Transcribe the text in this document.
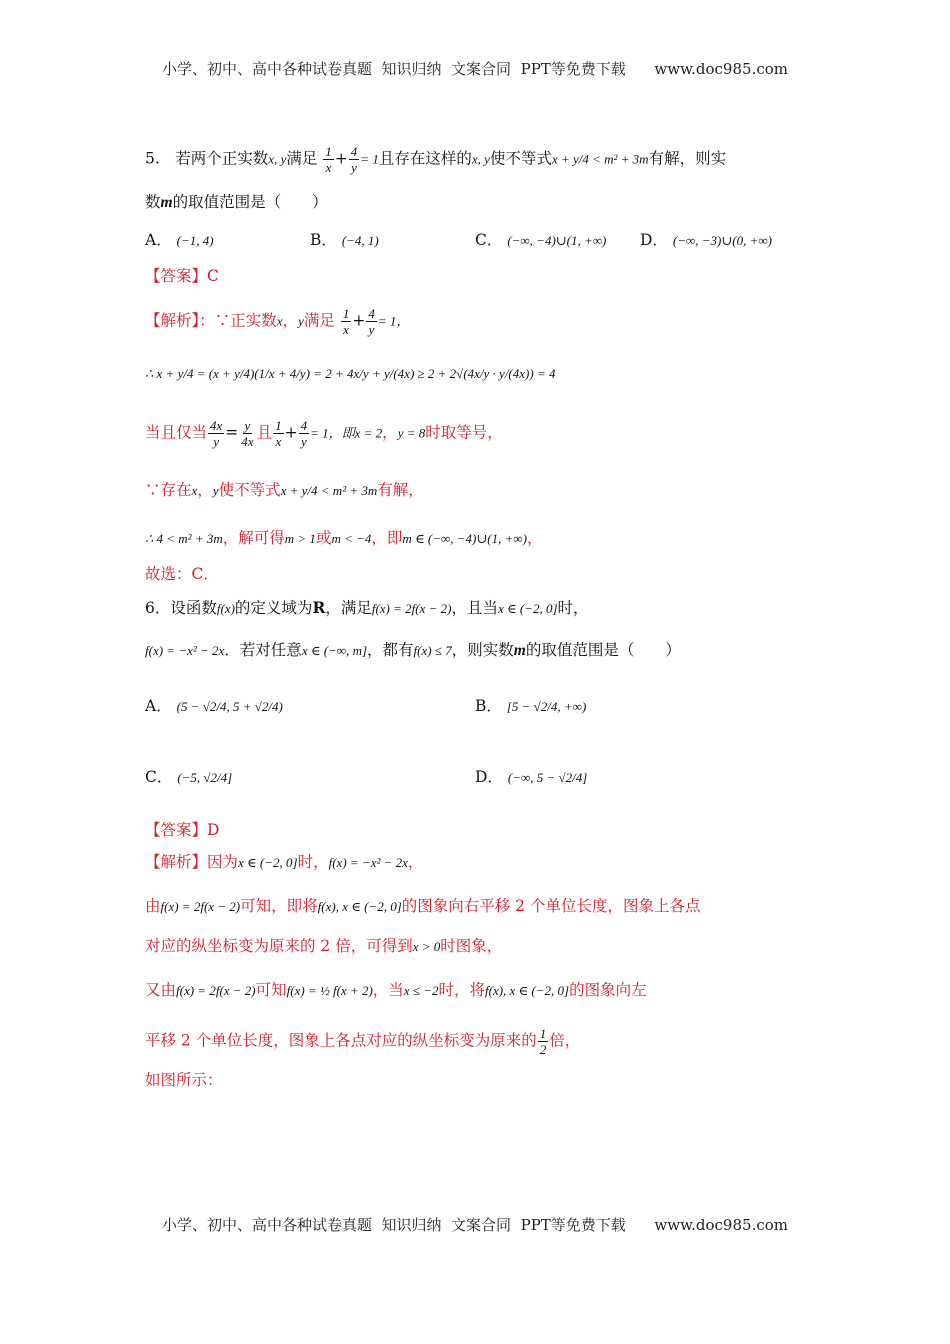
小学、初中、高中各种试卷真题  知识归纳  文案合同  PPT等免费下载      www.doc985.com
5.　若两个正实数x, y满足 $\frac{1}{x} + \frac{4}{y} = 1$且存在这样的x, y使不等式x + y/4 < m² + 3m有解，则实
数m的取值范围是（　　）
A． (−1, 4)	B． (−4, 1)	C． (−∞, −4)∪(1, +∞) D． (−∞, −3)∪(0, +∞)
【答案】C
【解析】：∵正实数x，y满足 $\frac{1}{x} + \frac{4}{y} = 1$，
∴ x + y/4 = (x + y/4)(1/x + 4/y) = 2 + 4x/y + y/(4x) ≥ 2 + 2√(4x/y · y/(4x)) = 4
当且仅当 $\frac{4x}{y} = \frac{y}{4x}$ 且 $\frac{1}{x} + \frac{4}{y} = 1$，即x = 2，y = 8时取等号，
∵存在x，y使不等式x + y/4 < m² + 3m有解，
∴ 4 < m² + 3m，解可得m > 1或m < −4，即m ∈ (−∞, −4)∪(1, +∞)，
故选：C．
6．设函数f(x)的定义域为R，满足f(x) = 2f(x − 2)，且当x ∈ (−2, 0]时，
f(x) = −x² − 2x．若对任意x ∈ (−∞, m]，都有f(x) ≤ 7，则实数m的取值范围是（　　）
A． (5 − √2/4, 5 + √2/4)	B． [5 − √2/4, +∞)
C． (−5, √2/4]	D． (−∞, 5 − √2/4]
【答案】D
【解析】因为x ∈ (−2, 0]时，f(x) = −x² − 2x，
由f(x) = 2f(x − 2)可知，即将f(x), x ∈ (−2, 0]的图象向右平移 2 个单位长度，图象上各点
对应的纵坐标变为原来的 2 倍，可得到x > 0时图象，
又由f(x) = 2f(x − 2)可知f(x) = ½ f(x + 2)，当x ≤ −2时，将f(x), x ∈ (−2, 0]的图象向左
平移 2 个单位长度，图象上各点对应的纵坐标变为原来的 $\frac{1}{2}$ 倍，
如图所示：
小学、初中、高中各种试卷真题  知识归纳  文案合同  PPT等免费下载      www.doc985.com
